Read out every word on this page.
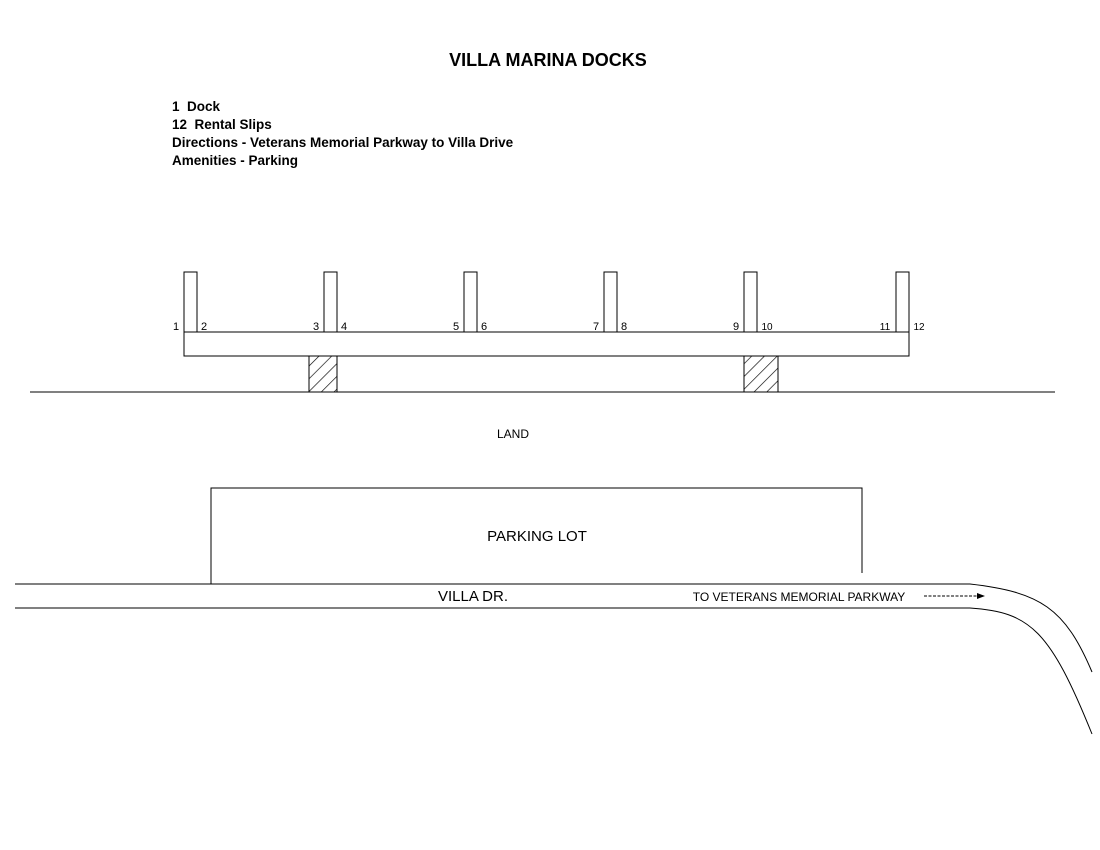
VILLA MARINA DOCKS
1  Dock
12  Rental Slips
Directions - Veterans Memorial Parkway to Villa Drive
Amenities - Parking
1 2	3 4	5 6	7 8	9 10	11 12
LAND
PARKING LOT
VILLA DR.	TO VETERANS MEMORIAL PARKWAY
